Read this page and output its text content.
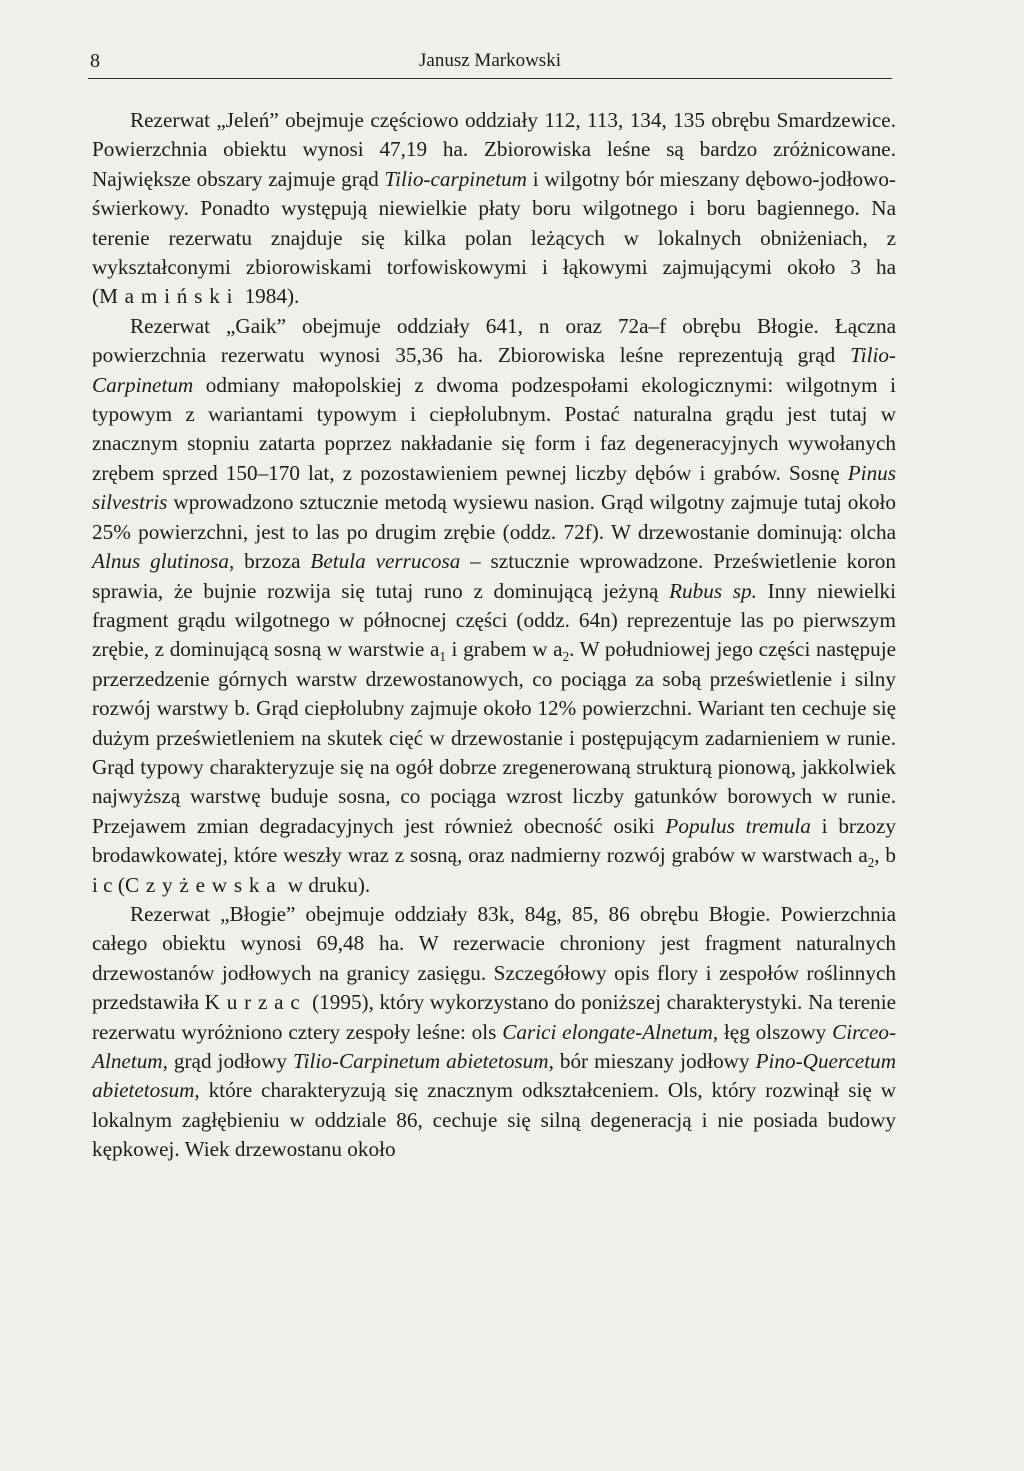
8	Janusz Markowski

Rezerwat „Jeleń” obejmuje częściowo oddziały 112, 113, 134, 135 obrębu Smardzewice. Powierzchnia obiektu wynosi 47,19 ha. Zbiorowiska leśne są bardzo zróżnicowane. Największe obszary zajmuje grąd Tilio-carpinetum i wilgotny bór mieszany dębowo-jodłowo-świerkowy. Ponadto występują niewielkie płaty boru wilgotnego i boru bagiennego. Na terenie rezerwatu znajduje się kilka polan leżących w lokalnych obniżeniach, z wykształconymi zbiorowiskami torfowiskowymi i łąkowymi zajmującymi około 3 ha (Mamiński 1984).

Rezerwat „Gaik” obejmuje oddziały 641, n oraz 72a–f obrębu Błogie. Łączna powierzchnia rezerwatu wynosi 35,36 ha. Zbiorowiska leśne reprezentują grąd Tilio-Carpinetum odmiany małopolskiej z dwoma podzespołami ekologicznymi: wilgotnym i typowym z wariantami typowym i ciepłolubnym. Postać naturalna grądu jest tutaj w znacznym stopniu zatarta poprzez nakładanie się form i faz degeneracyjnych wywołanych zrębem sprzed 150–170 lat, z pozostawieniem pewnej liczby dębów i grabów. Sosnę Pinus silvestris wprowadzono sztucznie metodą wysiewu nasion. Grąd wilgotny zajmuje tutaj około 25% powierzchni, jest to las po drugim zrębie (oddz. 72f). W drzewostanie dominują: olcha Alnus glutinosa, brzoza Betula verrucosa – sztucznie wprowadzone. Prześwietlenie koron sprawia, że bujnie rozwija się tutaj runo z dominującą jeżyną Rubus sp. Inny niewielki fragment grądu wilgotnego w północnej części (oddz. 64n) reprezentuje las po pierwszym zrębie, z dominującą sosną w warstwie $a_1$ i grabem w $a_2$. W południowej jego części następuje przerzedzenie górnych warstw drzewostanowych, co pociąga za sobą prześwietlenie i silny rozwój warstwy b. Grąd ciepłolubny zajmuje około 12% powierzchni. Wariant ten cechuje się dużym prześwietleniem na skutek cięć w drzewostanie i postępującym zadarnieniem w runie. Grąd typowy charakteryzuje się na ogół dobrze zregenerowaną strukturą pionową, jakkolwiek najwyższą warstwę buduje sosna, co pociąga wzrost liczby gatunków borowych w runie. Przejawem zmian degradacyjnych jest również obecność osiki Populus tremula i brzozy brodawkowatej, które weszły wraz z sosną, oraz nadmierny rozwój grabów w warstwach $a_2$, b i c (Czyżewska w druku).

Rezerwat „Błogie” obejmuje oddziały 83k, 84g, 85, 86 obrębu Błogie. Powierzchnia całego obiektu wynosi 69,48 ha. W rezerwacie chroniony jest fragment naturalnych drzewostanów jodłowych na granicy zasięgu. Szczegółowy opis flory i zespołów roślinnych przedstawiła Kurzac (1995), który wykorzystano do poniższej charakterystyki. Na terenie rezerwatu wyróżniono cztery zespoły leśne: ols Carici elongate-Alnetum, łęg olszowy Circeo-Alnetum, grąd jodłowy Tilio-Carpinetum abietetosum, bór mieszany jodłowy Pino-Quercetum abietetosum, które charakteryzują się znacznym odkształceniem. Ols, który rozwinął się w lokalnym zagłębieniu w oddziale 86, cechuje się silną degeneracją i nie posiada budowy kępkowej. Wiek drzewostanu około
